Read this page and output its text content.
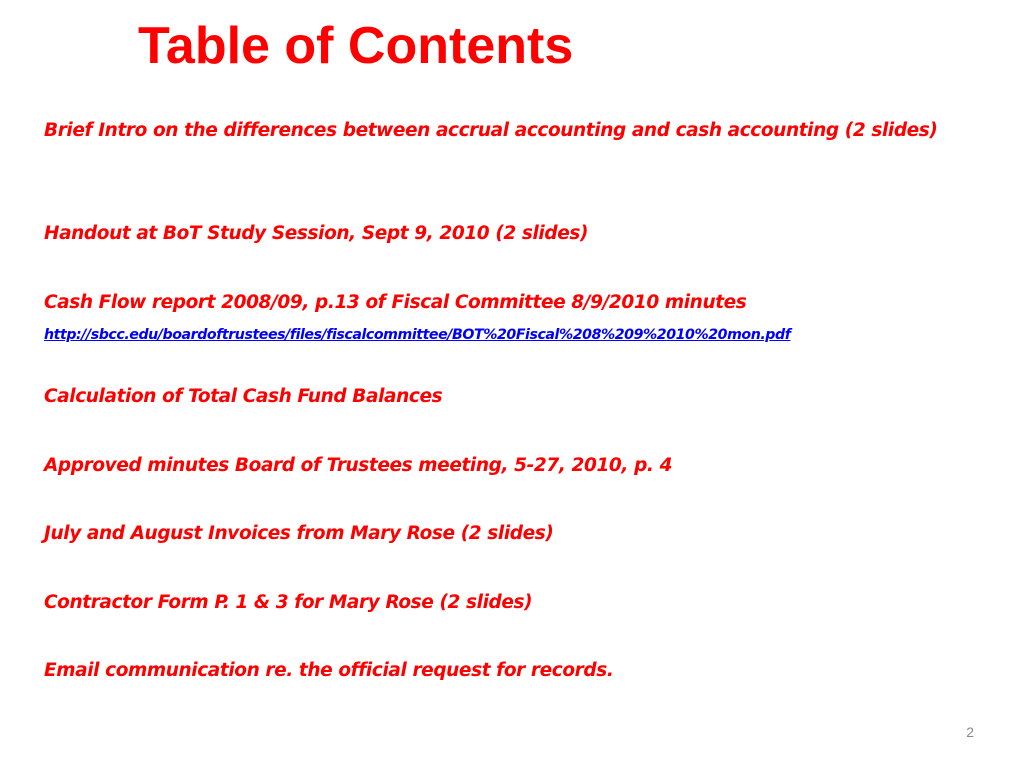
Table of Contents

Brief Intro on the differences between accrual accounting and cash accounting (2 slides)

Handout at BoT Study Session, Sept 9, 2010 (2 slides)

Cash Flow report 2008/09, p.13 of Fiscal Committee 8/9/2010 minutes

http://sbcc.edu/boardoftrustees/files/fiscalcommittee/BOT%20Fiscal%208%209%2010%20mon.pdf

Calculation of Total Cash Fund Balances

Approved minutes Board of Trustees meeting, 5-27, 2010, p. 4

July and August Invoices from Mary Rose (2 slides)

Contractor Form P. 1 & 3 for Mary Rose (2 slides)

Email communication re. the official request for records.

2
